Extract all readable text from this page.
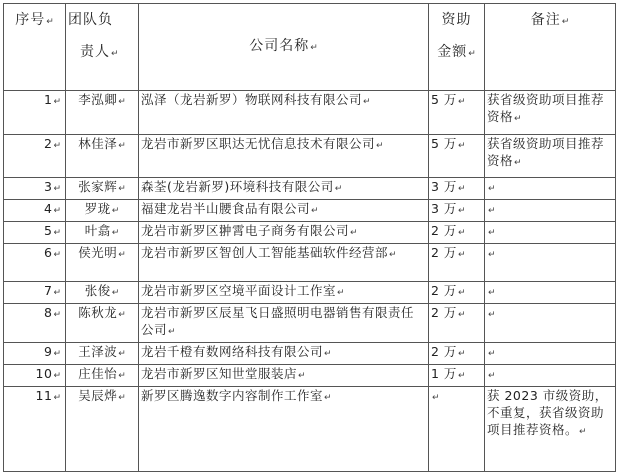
序号↵	团队负
责人↵	公司名称↵	资助
金额↵	备注↵
1↵	李泓卿↵	泓泽（龙岩新罗）物联网科技有限公司↵	5 万↵	获省级资助项目推荐资格↵
2↵	林佳泽↵	龙岩市新罗区职达无忧信息技术有限公司↵	5 万↵	获省级资助项目推荐资格↵
3↵	张家辉↵	森荃(龙岩新罗)环境科技有限公司↵	3 万↵	↵
4↵	罗珑↵	福建龙岩半山腰食品有限公司↵	3 万↵	↵
5↵	叶翕↵	龙岩市新罗区翀霄电子商务有限公司↵	2 万↵	↵
6↵	侯光明↵	龙岩市新罗区智创人工智能基础软件经营部↵	2 万↵	↵
7↵	张俊↵	龙岩市新罗区空境平面设计工作室↵	2 万↵	↵
8↵	陈秋龙↵	龙岩市新罗区辰星飞日盛照明电器销售有限责任公司↵	2 万↵	↵
9↵	王泽波↵	龙岩千橙有数网络科技有限公司↵	2 万↵	↵
10↵	庄佳怡↵	龙岩市新罗区知世堂服装店↵	1 万↵	↵
11↵	吴辰烨↵	新罗区腾逸数字内容制作工作室↵	↵	获 2023 市级资助，不重复，获省级资助项目推荐资格。↵
